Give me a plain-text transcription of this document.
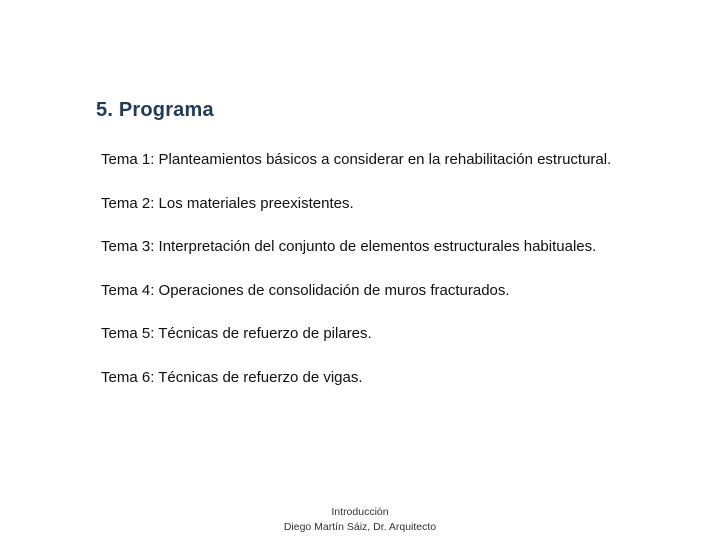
5. Programa
Tema 1: Planteamientos básicos a considerar en la rehabilitación estructural.
Tema 2: Los materiales preexistentes.
Tema 3: Interpretación del conjunto de elementos estructurales habituales.
Tema 4: Operaciones de consolidación de muros fracturados.
Tema 5: Técnicas de refuerzo de pilares.
Tema 6: Técnicas de refuerzo de vigas.
Introducción
Diego Martín Sáiz, Dr. Arquitecto
